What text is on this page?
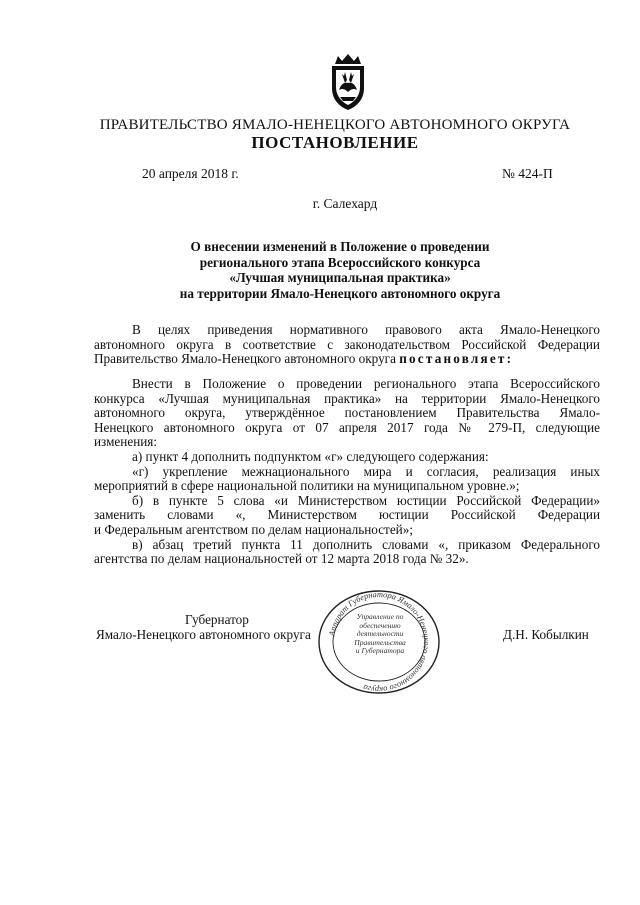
ПРАВИТЕЛЬСТВО ЯМАЛО-НЕНЕЦКОГО АВТОНОМНОГО ОКРУГА
ПОСТАНОВЛЕНИЕ
20 апреля 2018 г.	№ 424-П
г. Салехард
О внесении изменений в Положение о проведении
регионального этапа Всероссийского конкурса
«Лучшая муниципальная практика»
на территории Ямало-Ненецкого автономного округа
В целях приведения нормативного правового акта Ямало-Ненецкого
автономного округа в соответствие с законодательством Российской Федерации
Правительство Ямало-Ненецкого автономного округа постановляет:
Внести в Положение о проведении регионального этапа Всероссийского
конкурса «Лучшая муниципальная практика» на территории Ямало-Ненецкого
автономного округа, утверждённое постановлением Правительства Ямало-
Ненецкого автономного округа от 07 апреля 2017 года № 279-П, следующие
изменения:
а) пункт 4 дополнить подпунктом «г» следующего содержания:
«г) укрепление межнационального мира и согласия, реализация иных
мероприятий в сфере национальной политики на муниципальном уровне.»;
б) в пункте 5 слова «и Министерством юстиции Российской Федерации»
заменить словами «, Министерством юстиции Российской Федерации
и Федеральным агентством по делам национальностей»;
в) абзац третий пункта 11 дополнить словами «, приказом Федерального
агентства по делам национальностей от 12 марта 2018 года № 32».
Губернатор
Ямало-Ненецкого автономного округа	Д.Н. Кобылкин
Аппарат Губернатора Ямало-Ненецкого автономного округа
Управление по
обеспечению
деятельности
Правительства
и Губернатора
